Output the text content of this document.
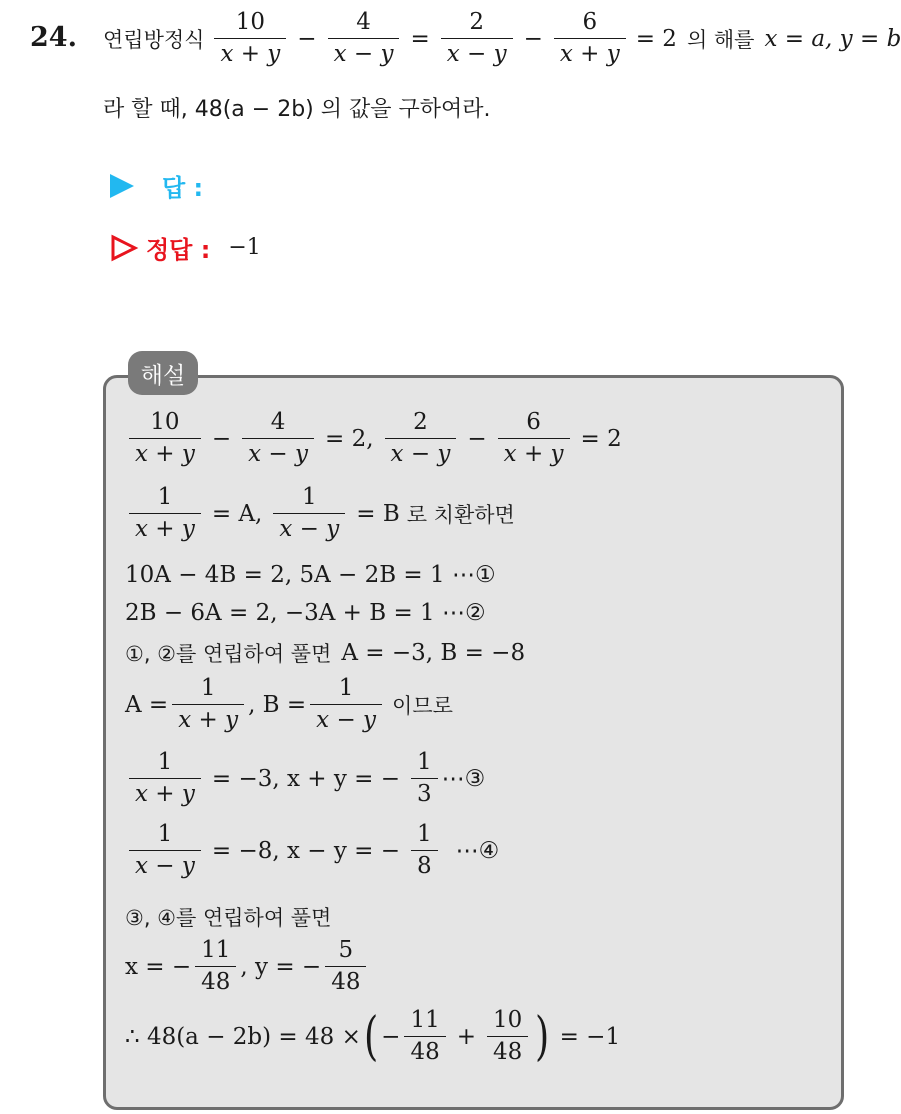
24. 연립방정식 $\frac{10}{x + y} - \frac{4}{x - y} = \frac{2}{x - y} - \frac{6}{x + y} = 2$ 의 해를 x = a, y = b
라 할 때, 48(a − 2b) 의 값을 구하여라.
답 :
정답 : −1
해설
$\frac{10}{x + y} - \frac{4}{x - y} = 2$, $\frac{2}{x - y} - \frac{6}{x + y} = 2$
$\frac{1}{x + y} = A$, $\frac{1}{x - y} = B$ 로 치환하면
10A − 4B = 2, 5A − 2B = 1 ⋯①
2B − 6A = 2, −3A + B = 1 ⋯②
①, ②를 연립하여 풀면 A = −3, B = −8
$A = \frac{1}{x + y}$ , $B = \frac{1}{x - y}$ 이므로
$\frac{1}{x + y} = -3$, x + y = − $\frac{1}{3}$ ⋯③
$\frac{1}{x - y} = -8$, x − y = − $\frac{1}{8}$ ⋯④
③, ④를 연립하여 풀면
x = − $\frac{11}{48}$ , y = − $\frac{5}{48}$
∴ 48(a − 2b) = 48 × ( − $\frac{11}{48} + \frac{10}{48}$ ) = −1
